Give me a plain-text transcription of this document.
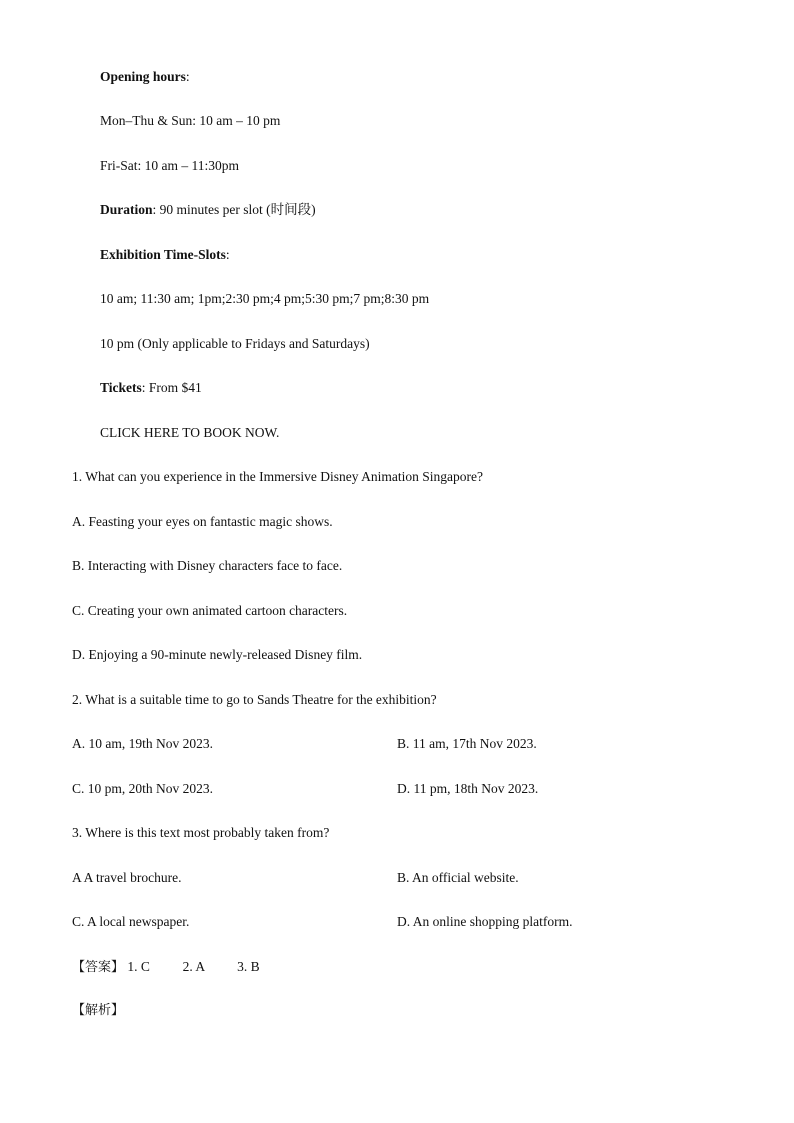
Opening hours:
Mon–Thu & Sun: 10 am – 10 pm
Fri-Sat: 10 am – 11:30pm
Duration: 90 minutes per slot (时间段)
Exhibition Time-Slots:
10 am; 11:30 am; 1pm;2:30 pm;4 pm;5:30 pm;7 pm;8:30 pm
10 pm (Only applicable to Fridays and Saturdays)
Tickets: From $41
CLICK HERE TO BOOK NOW.
1. What can you experience in the Immersive Disney Animation Singapore?
A. Feasting your eyes on fantastic magic shows.
B. Interacting with Disney characters face to face.
C. Creating your own animated cartoon characters.
D. Enjoying a 90-minute newly-released Disney film.
2. What is a suitable time to go to Sands Theatre for the exhibition?
A. 10 am, 19th Nov 2023.	B. 11 am, 17th Nov 2023.
C. 10 pm, 20th Nov 2023.	D. 11 pm, 18th Nov 2023.
3. Where is this text most probably taken from?
A A travel brochure.	B. An official website.
C. A local newspaper.	D. An online shopping platform.
【答案】 1. C 2. A 3. B
【解析】
